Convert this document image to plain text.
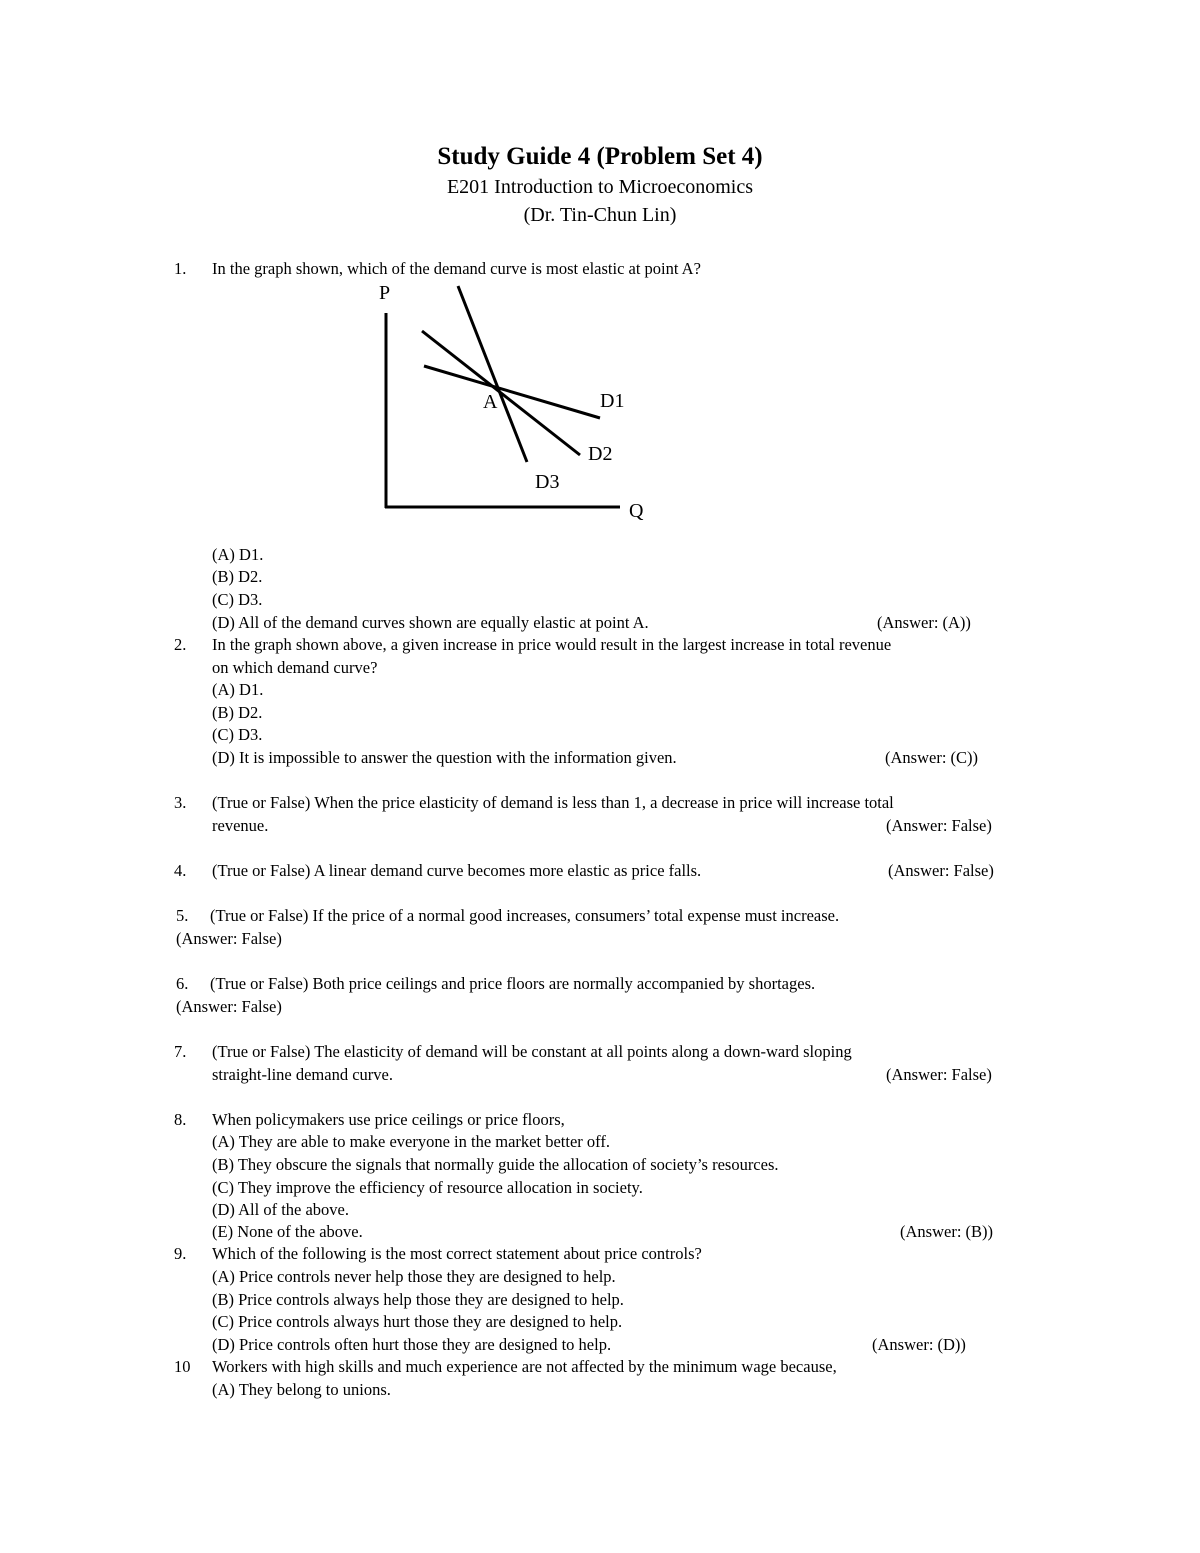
Study Guide 4 (Problem Set 4)
E201 Introduction to Microeconomics
(Dr. Tin-Chun Lin)
1. In the graph shown, which of the demand curve is most elastic at point A?
P
Q
A	D1
D2
D3
(A) D1.
(B) D2.
(C) D3.
(D) All of the demand curves shown are equally elastic at point A.	(Answer: (A))
2. In the graph shown above, a given increase in price would result in the largest increase in total revenue
on which demand curve?
(A) D1.
(B) D2.
(C) D3.
(D) It is impossible to answer the question with the information given.	(Answer: (C))
3. (True or False) When the price elasticity of demand is less than 1, a decrease in price will increase total
revenue.	(Answer: False)
4. (True or False) A linear demand curve becomes more elastic as price falls.	(Answer: False)
5. (True or False) If the price of a normal good increases, consumers’ total expense must increase.
(Answer: False)
6. (True or False) Both price ceilings and price floors are normally accompanied by shortages.
(Answer: False)
7. (True or False) The elasticity of demand will be constant at all points along a down-ward sloping
straight-line demand curve.	(Answer: False)
8. When policymakers use price ceilings or price floors,
(A) They are able to make everyone in the market better off.
(B) They obscure the signals that normally guide the allocation of society’s resources.
(C) They improve the efficiency of resource allocation in society.
(D) All of the above.
(E) None of the above.	(Answer: (B))
9. Which of the following is the most correct statement about price controls?
(A) Price controls never help those they are designed to help.
(B) Price controls always help those they are designed to help.
(C) Price controls always hurt those they are designed to help.
(D) Price controls often hurt those they are designed to help.	(Answer: (D))
10 Workers with high skills and much experience are not affected by the minimum wage because,
(A) They belong to unions.
